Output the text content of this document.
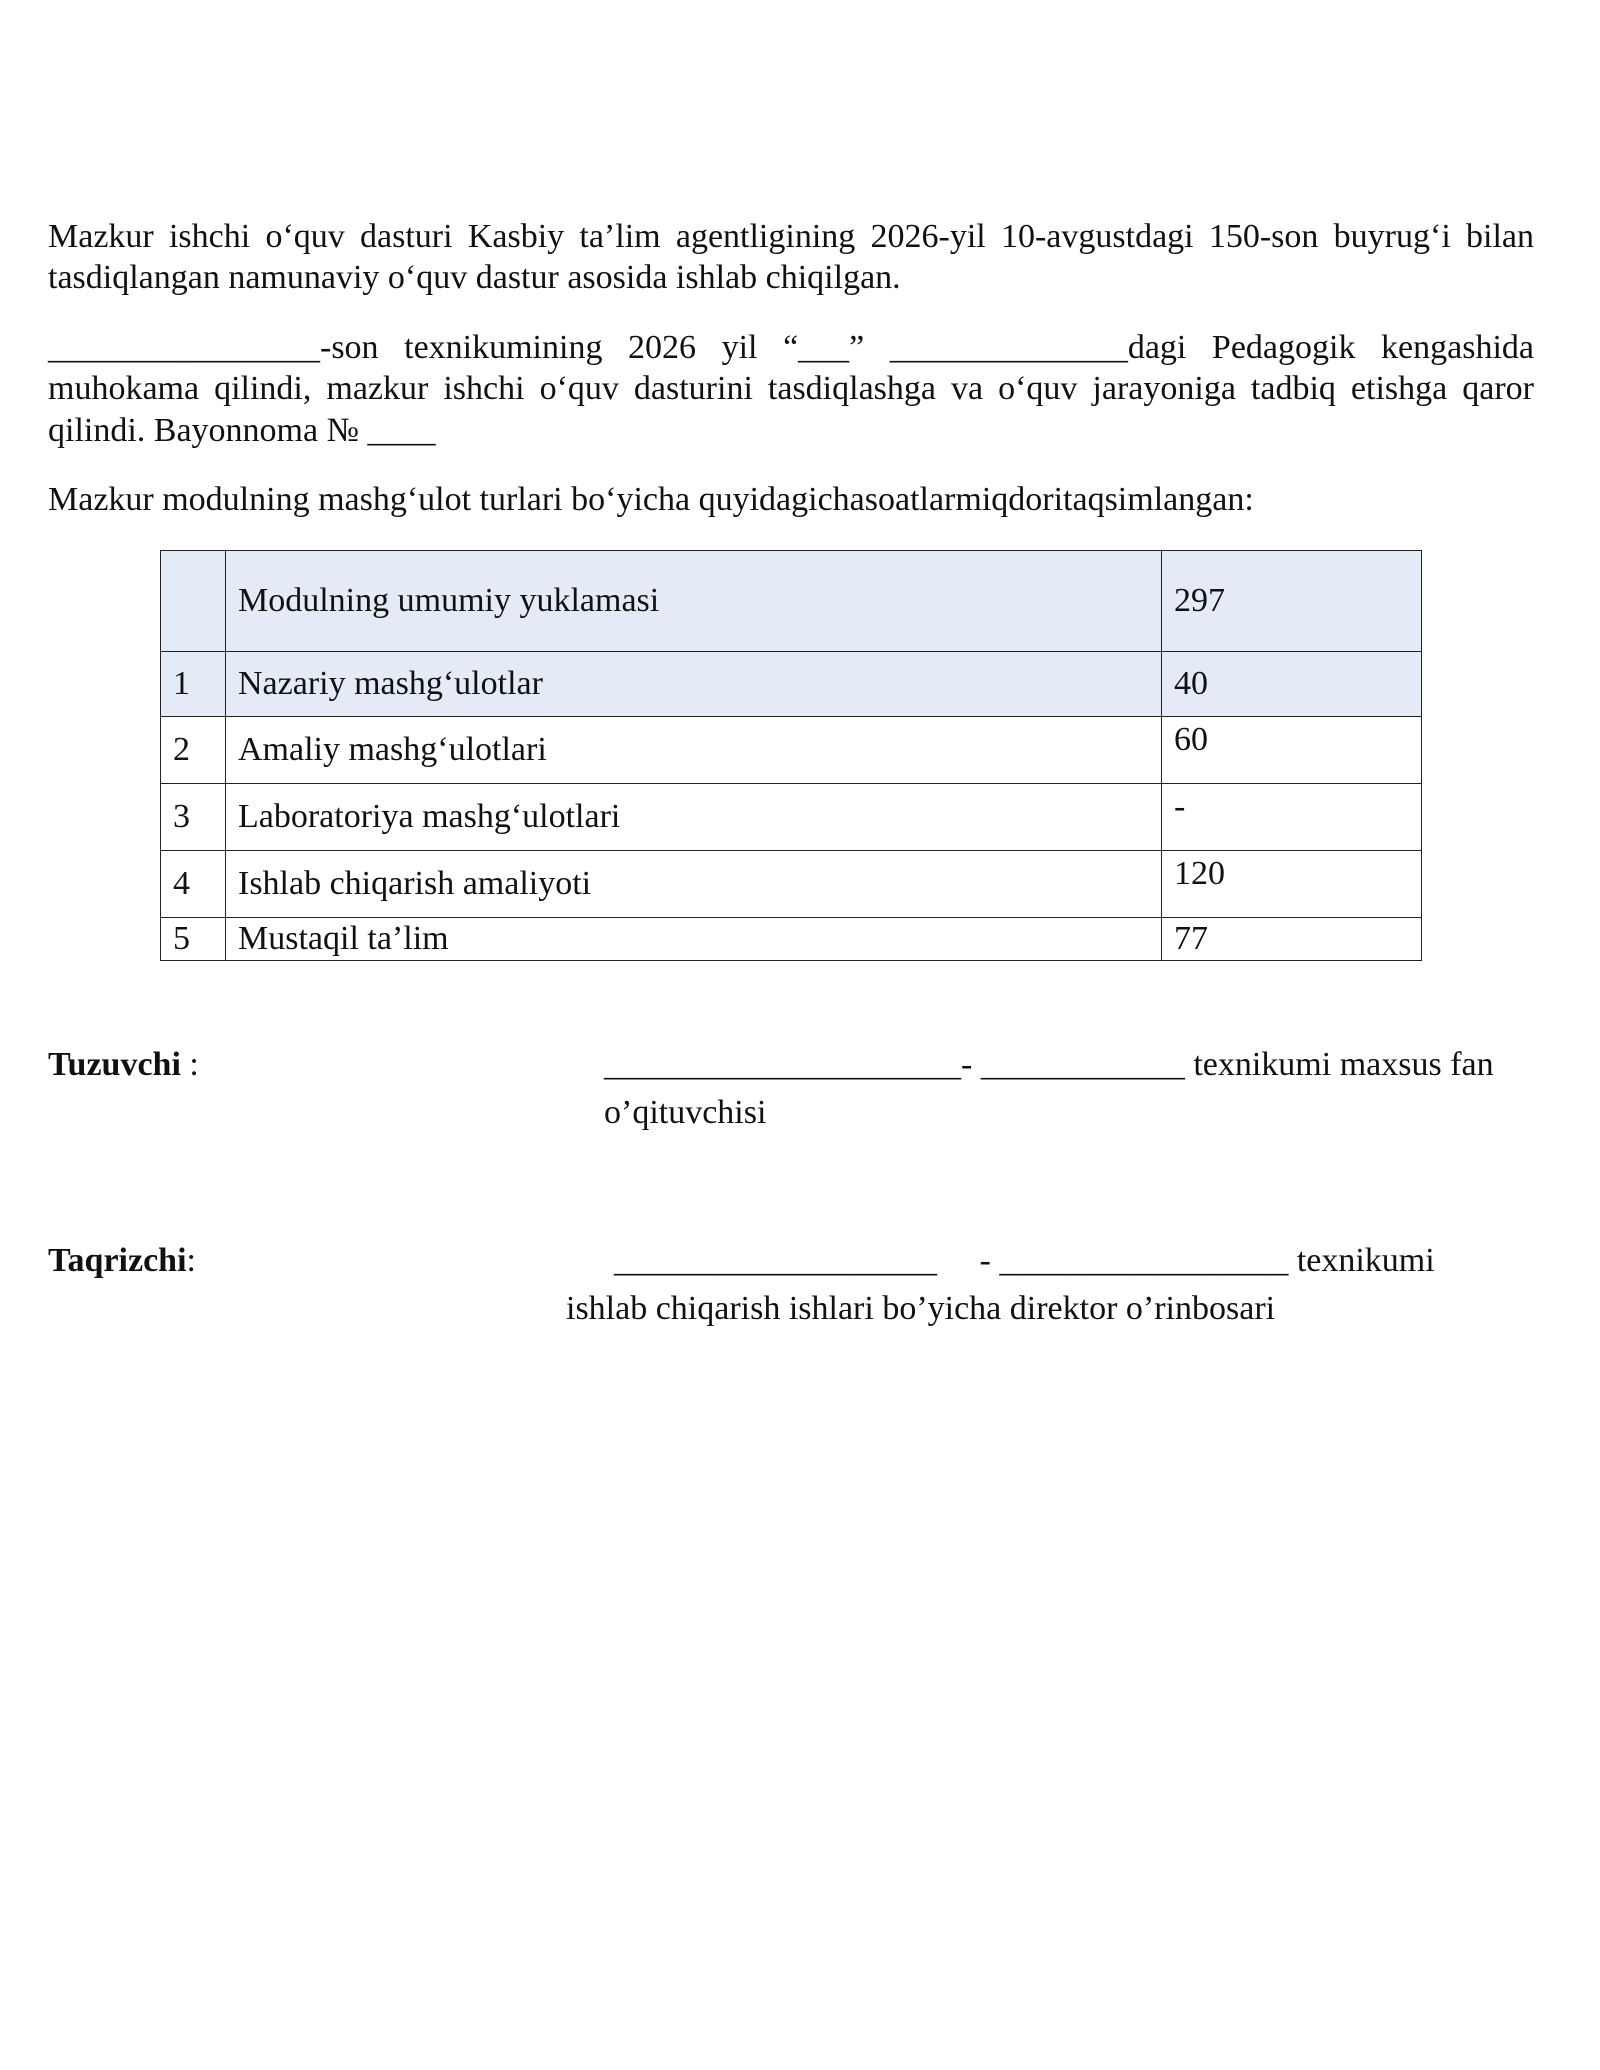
Mazkur ishchi o‘quv dasturi Kasbiy ta’lim agentligining 2026-yil 10-avgustdagi 150-son buyrug‘i bilan tasdiqlangan namunaviy o‘quv dastur asosida ishlab chiqilgan.

________________-son texnikumining 2026 yil “___” ______________dagi Pedagogik kengashida muhokama qilindi, mazkur ishchi o‘quv dasturini tasdiqlashga va o‘quv jarayoniga tadbiq etishga qaror qilindi. Bayonnoma № ____

Mazkur modulning mashg‘ulot turlari bo‘yicha quyidagichasoatlarmiqdoritaqsimlangan:

	Modulning umumiy yuklamasi	297
1	Nazariy mashg‘ulotlar	40
2	Amaliy mashg‘ulotlari	60
3	Laboratoriya mashg‘ulotlari	-
4	Ishlab chiqarish amaliyoti	120
5	Mustaqil ta’lim	77
Tuzuvchi :	_____________________- ____________ texnikumi maxsus fan
o’qituvchisi
Taqrizchi:	___________________     - _________________ texnikumi
ishlab chiqarish ishlari bo’yicha direktor o’rinbosari
